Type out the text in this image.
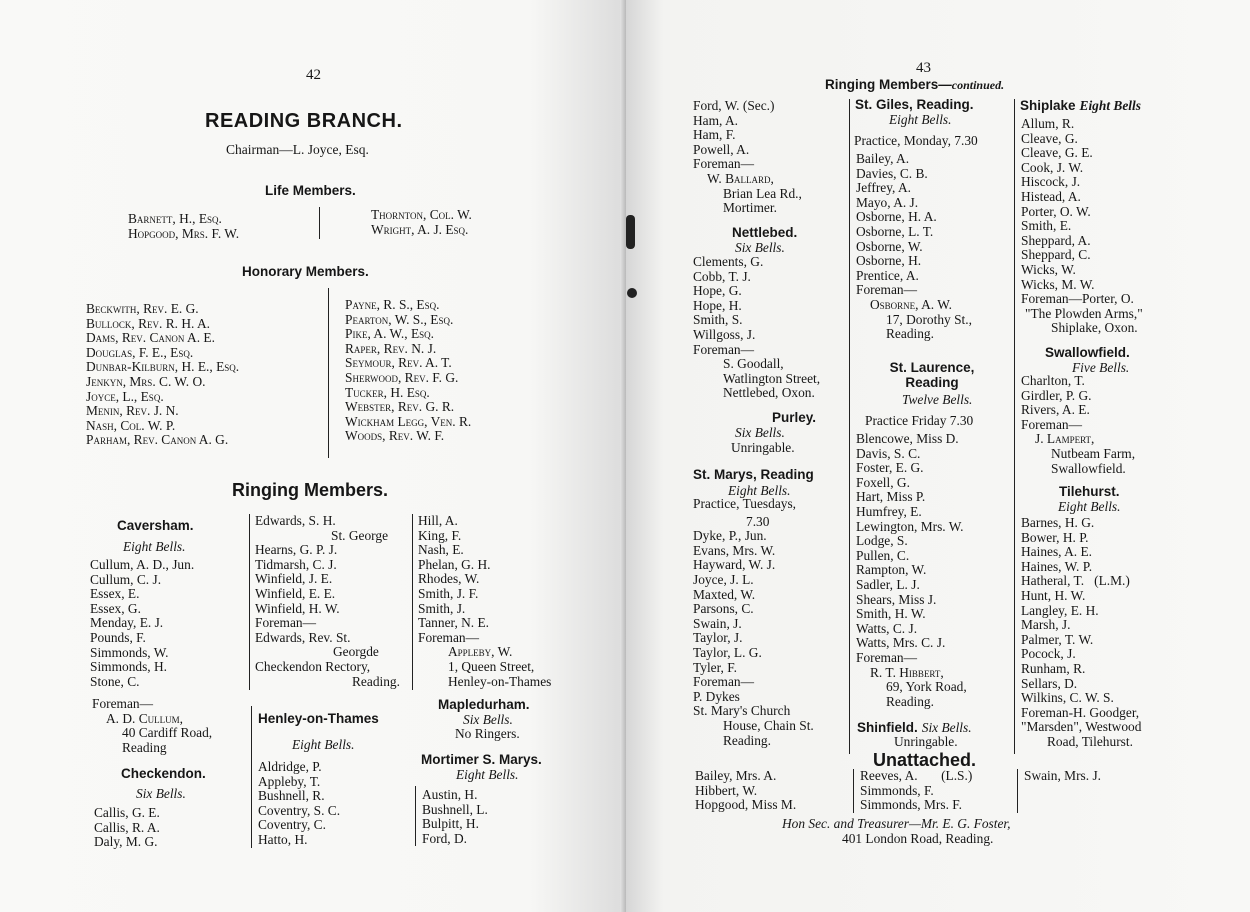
42
READING BRANCH.
Chairman—L. Joyce, Esq.
Life Members.
Barnett, H., Esq.
Hopgood, Mrs. F. W.
Thornton, Col. W.
Wright, A. J. Esq.
Honorary Members.
Beckwith, Rev. E. G.
Bullock, Rev. R. H. A.
Dams, Rev. Canon A. E.
Douglas, F. E., Esq.
Dunbar-Kilburn, H. E., Esq.
Jenkyn, Mrs. C. W. O.
Joyce, L., Esq.
Menin, Rev. J. N.
Nash, Col. W. P.
Parham, Rev. Canon A. G.
Payne, R. S., Esq.
Pearton, W. S., Esq.
Pike, A. W., Esq.
Raper, Rev. N. J.
Seymour, Rev. A. T.
Sherwood, Rev. F. G.
Tucker, H. Esq.
Webster, Rev. G. R.
Wickham Legg, Ven. R.
Woods, Rev. W. F.
Ringing Members.
Caversham.
Eight Bells.
Cullum, A. D., Jun.
Cullum, C. J.
Essex, E.
Essex, G.
Menday, E. J.
Pounds, F.
Simmonds, W.
Simmonds, H.
Stone, C.
Foreman—
A. D. Cullum,
40 Cardiff Road,
Reading
Checkendon.
Six Bells.
Callis, G. E.
Callis, R. A.
Daly, M. G.
Edwards, S. H.
St. George
Hearns, G. P. J.
Tidmarsh, C. J.
Winfield, J. E.
Winfield, E. E.
Winfield, H. W.
Foreman—
Edwards, Rev. St.
Georgde
Checkendon Rectory,
Reading.
Henley-on-Thames
Eight Bells.
Aldridge, P.
Appleby, T.
Bushnell, R.
Coventry, S. C.
Coventry, C.
Hatto, H.
Hill, A.
King, F.
Nash, E.
Phelan, G. H.
Rhodes, W.
Smith, J. F.
Smith, J.
Tanner, N. E.
Foreman—
Appleby, W.
1, Queen Street,
Henley-on-Thames
Mapledurham.
Six Bells.
No Ringers.
Mortimer S. Marys.
Eight Bells.
Austin, H.
Bushnell, L.
Bulpitt, H.
Ford, D.
43
Ringing Members—continued.
Ford, W. (Sec.)
Ham, A.
Ham, F.
Powell, A.
Foreman—
W. Ballard,
Brian Lea Rd.,
Mortimer.
Nettlebed.
Six Bells.
Clements, G.
Cobb, T. J.
Hope, G.
Hope, H.
Smith, S.
Willgoss, J.
Foreman—
S. Goodall,
Watlington Street,
Nettlebed, Oxon.
Purley.
Six Bells.
Unringable.
St. Marys, Reading
Eight Bells.
Practice, Tuesdays,
7.30
Dyke, P., Jun.
Evans, Mrs. W.
Hayward, W. J.
Joyce, J. L.
Maxted, W.
Parsons, C.
Swain, J.
Taylor, J.
Taylor, L. G.
Tyler, F.
Foreman—
P. Dykes
St. Mary's Church
House, Chain St.
Reading.
St. Giles, Reading.
Eight Bells.
Practice, Monday, 7.30
Bailey, A.
Davies, C. B.
Jeffrey, A.
Mayo, A. J.
Osborne, H. A.
Osborne, L. T.
Osborne, W.
Osborne, H.
Prentice, A.
Foreman—
Osborne, A. W.
17, Dorothy St.,
Reading.
St. Laurence,
Reading
Twelve Bells.
Practice Friday 7.30
Blencowe, Miss D.
Davis, S. C.
Foster, E. G.
Foxell, G.
Hart, Miss P.
Humfrey, E.
Lewington, Mrs. W.
Lodge, S.
Pullen, C.
Rampton, W.
Sadler, L. J.
Shears, Miss J.
Smith, H. W.
Watts, C. J.
Watts, Mrs. C. J.
Foreman—
R. T. Hibbert,
69, York Road,
Reading.
Shinfield. Six Bells.
Unringable.
Shiplake Eight Bells
Allum, R.
Cleave, G.
Cleave, G. E.
Cook, J. W.
Hiscock, J.
Histead, A.
Porter, O. W.
Smith, E.
Sheppard, A.
Sheppard, C.
Wicks, W.
Wicks, M. W.
Foreman—Porter, O.
"The Plowden Arms,"
Shiplake, Oxon.
Swallowfield.
Five Bells.
Charlton, T.
Girdler, P. G.
Rivers, A. E.
Foreman—
J. Lampert,
Nutbeam Farm,
Swallowfield.
Tilehurst.
Eight Bells.
Barnes, H. G.
Bower, H. P.
Haines, A. E.
Haines, W. P.
Hatheral, T.   (L.M.)
Hunt, H. W.
Langley, E. H.
Marsh, J.
Palmer, T. W.
Pocock, J.
Runham, R.
Sellars, D.
Wilkins, C. W. S.
Foreman-H. Goodger,
"Marsden", Westwood
Road, Tilehurst.
Unattached.
Bailey, Mrs. A.
Hibbert, W.
Hopgood, Miss M.
Reeves, A.       (L.S.)
Simmonds, F.
Simmonds, Mrs. F.
Swain, Mrs. J.
Hon Sec. and Treasurer—Mr. E. G. Foster,
401 London Road, Reading.
